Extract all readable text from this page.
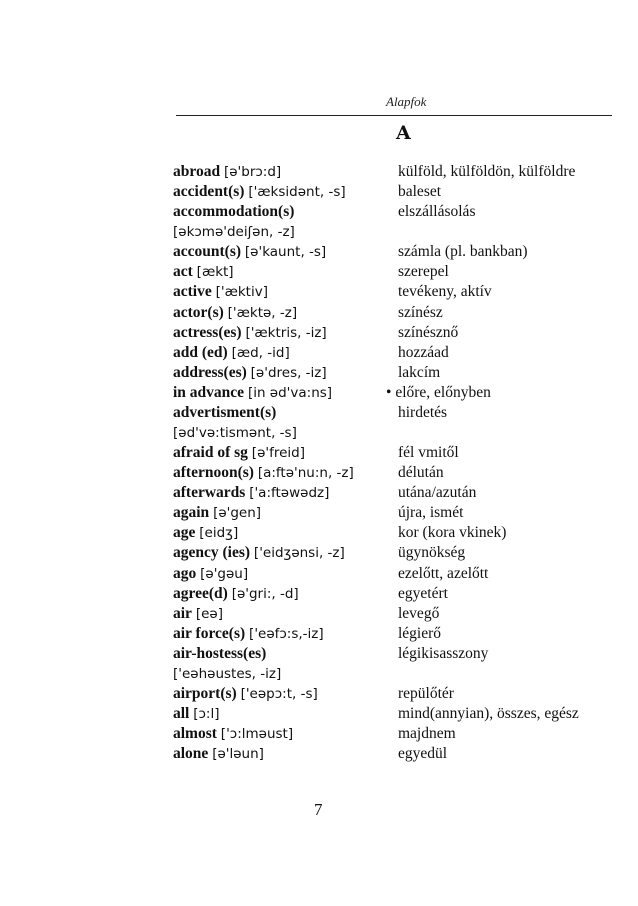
Alapfok
A
abroad [ə'brɔ:d]	külföld, külföldön, külföldre
accident(s) ['æksidənt, -s]	baleset
accommodation(s)	elszállásolás
[əkɔmə'deiʃən, -z]
account(s) [ə'kaunt, -s]	számla (pl. bankban)
act [ækt]	szerepel
active ['æktiv]	tevékeny, aktív
actor(s) ['æktə, -z]	színész
actress(es) ['æktris, -iz]	színésznő
add (ed) [æd, -id]	hozzáad
address(es) [ə'dres, -iz]	lakcím
in advance [in əd'va:ns]	• előre, előnyben
advertisment(s)	hirdetés
[əd'və:tismənt, -s]
afraid of sg [ə'freid]	fél vmitől
afternoon(s) [a:ftə'nu:n, -z]	délután
afterwards ['a:ftəwədz]	utána/azután
again [ə'gen]	újra, ismét
age [eidʒ]	kor (kora vkinek)
agency (ies) ['eidʒənsi, -z]	ügynökség
ago [ə'gəu]	ezelőtt, azelőtt
agree(d) [ə'gri:, -d]	egyetért
air [eə]	levegő
air force(s) ['eəfɔ:s,-iz]	légierő
air-hostess(es)	légikisasszony
['eəhəustes, -iz]
airport(s) ['eəpɔ:t, -s]	repülőtér
all [ɔ:l]	mind(annyian), összes, egész
almost ['ɔ:lməust]	majdnem
alone [ə'ləun]	egyedül
7
